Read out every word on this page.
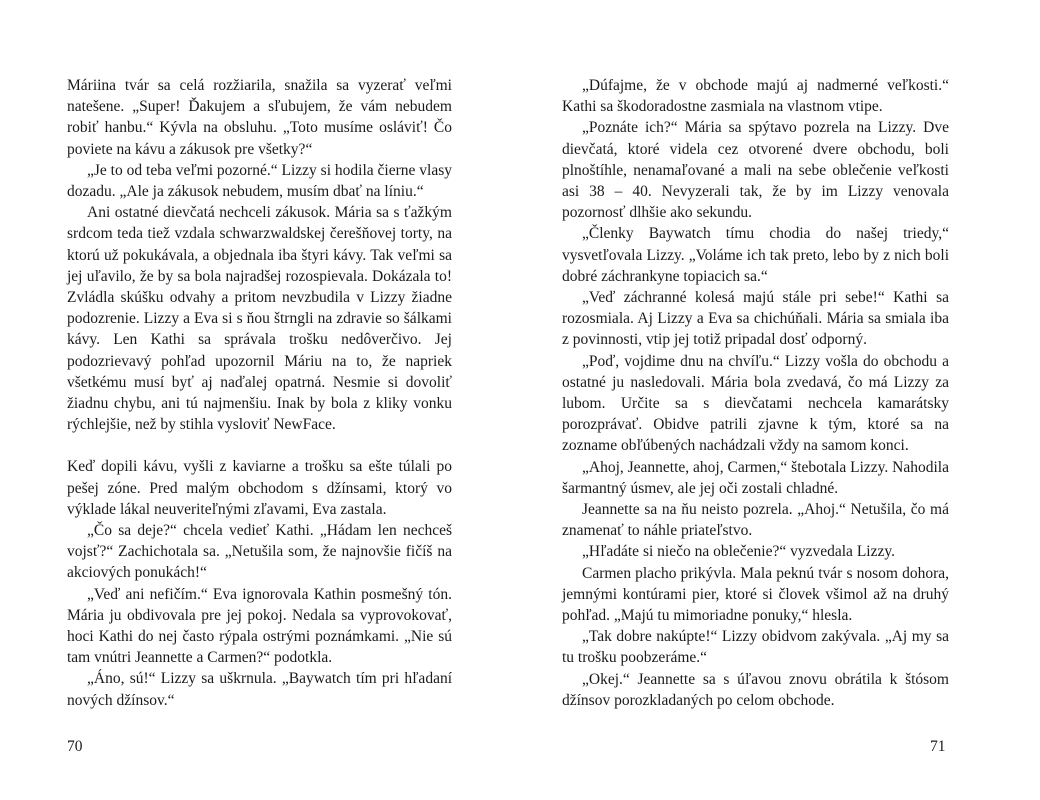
Máriina tvár sa celá rozžiarila, snažila sa vyzerať veľmi natešene. „Super! Ďakujem a sľubujem, že vám nebudem robiť hanbu.“ Kývla na obsluhu. „Toto musíme osláviť! Čo poviete na kávu a zákusok pre všetky?“

„Je to od teba veľmi pozorné.“ Lizzy si hodila čierne vlasy dozadu. „Ale ja zákusok nebudem, musím dbať na líniu.“

Ani ostatné dievčatá nechceli zákusok. Mária sa s ťažkým srdcom teda tiež vzdala schwarzwaldskej čerešňovej torty, na ktorú už pokukávala, a objednala iba štyri kávy. Tak veľmi sa jej uľavilo, že by sa bola najradšej rozospievala. Dokázala to! Zvládla skúšku odvahy a pritom nevzbudila v Lizzy žiadne podozrenie. Lizzy a Eva si s ňou štrngli na zdravie so šálkami kávy. Len Kathi sa správala trošku nedôverčivo. Jej podozrievavý pohľad upozornil Máriu na to, že napriek všetkému musí byť aj naďalej opatrná. Nesmie si dovoliť žiadnu chybu, ani tú najmenšiu. Inak by bola z kliky vonku rýchlejšie, než by stihla vysloviť NewFace.

Keď dopili kávu, vyšli z kaviarne a trošku sa ešte túlali po pešej zóne. Pred malým obchodom s džínsami, ktorý vo výklade lákal neuveriteľnými zľavami, Eva zastala.

„Čo sa deje?“ chcela vedieť Kathi. „Hádam len nechceš vojsť?“ Zachichotala sa. „Netušila som, že najnovšie fičíš na akciových ponukách!“

„Veď ani nefičím.“ Eva ignorovala Kathin posmešný tón. Mária ju obdivovala pre jej pokoj. Nedala sa vyprovokovať, hoci Kathi do nej často rýpala ostrými poznámkami. „Nie sú tam vnútri Jeannette a Carmen?“ podotkla.

„Áno, sú!“ Lizzy sa uškrnula. „Baywatch tím pri hľadaní nových džínsov.“

70

„Dúfajme, že v obchode majú aj nadmerné veľkosti.“ Kathi sa škodoradostne zasmiala na vlastnom vtipe.

„Poznáte ich?“ Mária sa spýtavo pozrela na Lizzy. Dve dievčatá, ktoré videla cez otvorené dvere obchodu, boli plnoštíhle, nenamaľované a mali na sebe oblečenie veľkosti asi 38 – 40. Nevyzerali tak, že by im Lizzy venovala pozornosť dlhšie ako sekundu.

„Členky Baywatch tímu chodia do našej triedy,“ vysvetľovala Lizzy. „Voláme ich tak preto, lebo by z nich boli dobré záchrankyne topiacich sa.“

„Veď záchranné kolesá majú stále pri sebe!“ Kathi sa rozosmiala. Aj Lizzy a Eva sa chichúňali. Mária sa smiala iba z povinnosti, vtip jej totiž pripadal dosť odporný.

„Poď, vojdime dnu na chvíľu.“ Lizzy vošla do obchodu a ostatné ju nasledovali. Mária bola zvedavá, čo má Lizzy za lubom. Určite sa s dievčatami nechcela kamarátsky porozprávať. Obidve patrili zjavne k tým, ktoré sa na zozname obľúbených nachádzali vždy na samom konci.

„Ahoj, Jeannette, ahoj, Carmen,“ štebotala Lizzy. Nahodila šarmantný úsmev, ale jej oči zostali chladné.

Jeannette sa na ňu neisto pozrela. „Ahoj.“ Netušila, čo má znamenať to náhle priateľstvo.

„Hľadáte si niečo na oblečenie?“ vyzvedala Lizzy.

Carmen placho prikývla. Mala peknú tvár s nosom dohora, jemnými kontúrami pier, ktoré si človek všimol až na druhý pohľad. „Majú tu mimoriadne ponuky,“ hlesla.

„Tak dobre nakúpte!“ Lizzy obidvom zakývala. „Aj my sa tu trošku poobzeráme.“

„Okej.“ Jeannette sa s úľavou znovu obrátila k štósom džínsov porozkladaných po celom obchode.

71
